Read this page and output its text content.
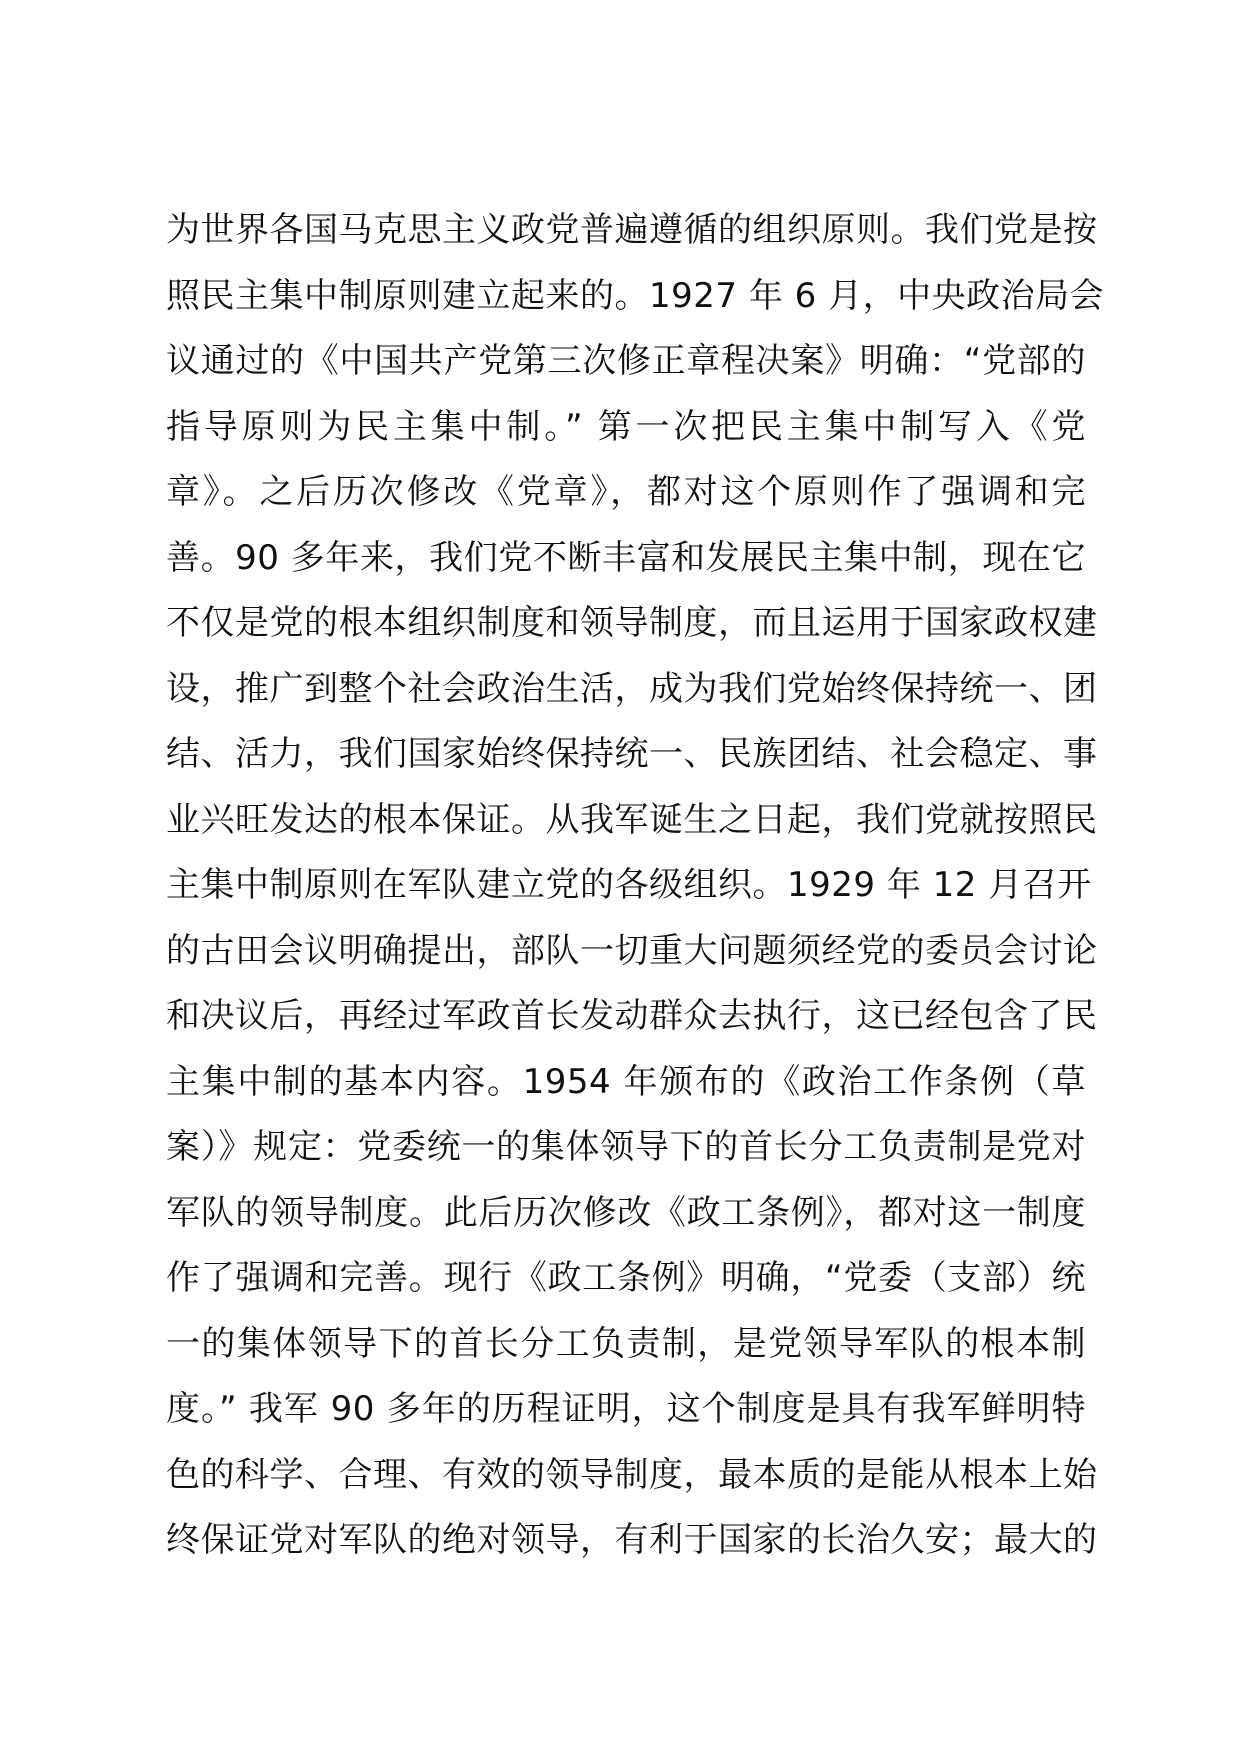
为世界各国马克思主义政党普遍遵循的组织原则。我们党是按
照民主集中制原则建立起来的。1927 年 6 月，中央政治局会
议通过的《中国共产党第三次修正章程决案》明确：“党部的
指导原则为民主集中制。” 第一次把民主集中制写入《党
章》。之后历次修改《党章》，都对这个原则作了强调和完
善。90 多年来，我们党不断丰富和发展民主集中制，现在它
不仅是党的根本组织制度和领导制度，而且运用于国家政权建
设，推广到整个社会政治生活，成为我们党始终保持统一、团
结、活力，我们国家始终保持统一、民族团结、社会稳定、事
业兴旺发达的根本保证。从我军诞生之日起，我们党就按照民
主集中制原则在军队建立党的各级组织。1929 年 12 月召开
的古田会议明确提出，部队一切重大问题须经党的委员会讨论
和决议后，再经过军政首长发动群众去执行，这已经包含了民
主集中制的基本内容。1954 年颁布的《政治工作条例（草
案）》规定：党委统一的集体领导下的首长分工负责制是党对
军队的领导制度。此后历次修改《政工条例》，都对这一制度
作了强调和完善。现行《政工条例》明确，“党委（支部）统
一的集体领导下的首长分工负责制，是党领导军队的根本制
度。” 我军 90 多年的历程证明，这个制度是具有我军鲜明特
色的科学、合理、有效的领导制度，最本质的是能从根本上始
终保证党对军队的绝对领导，有利于国家的长治久安；最大的
